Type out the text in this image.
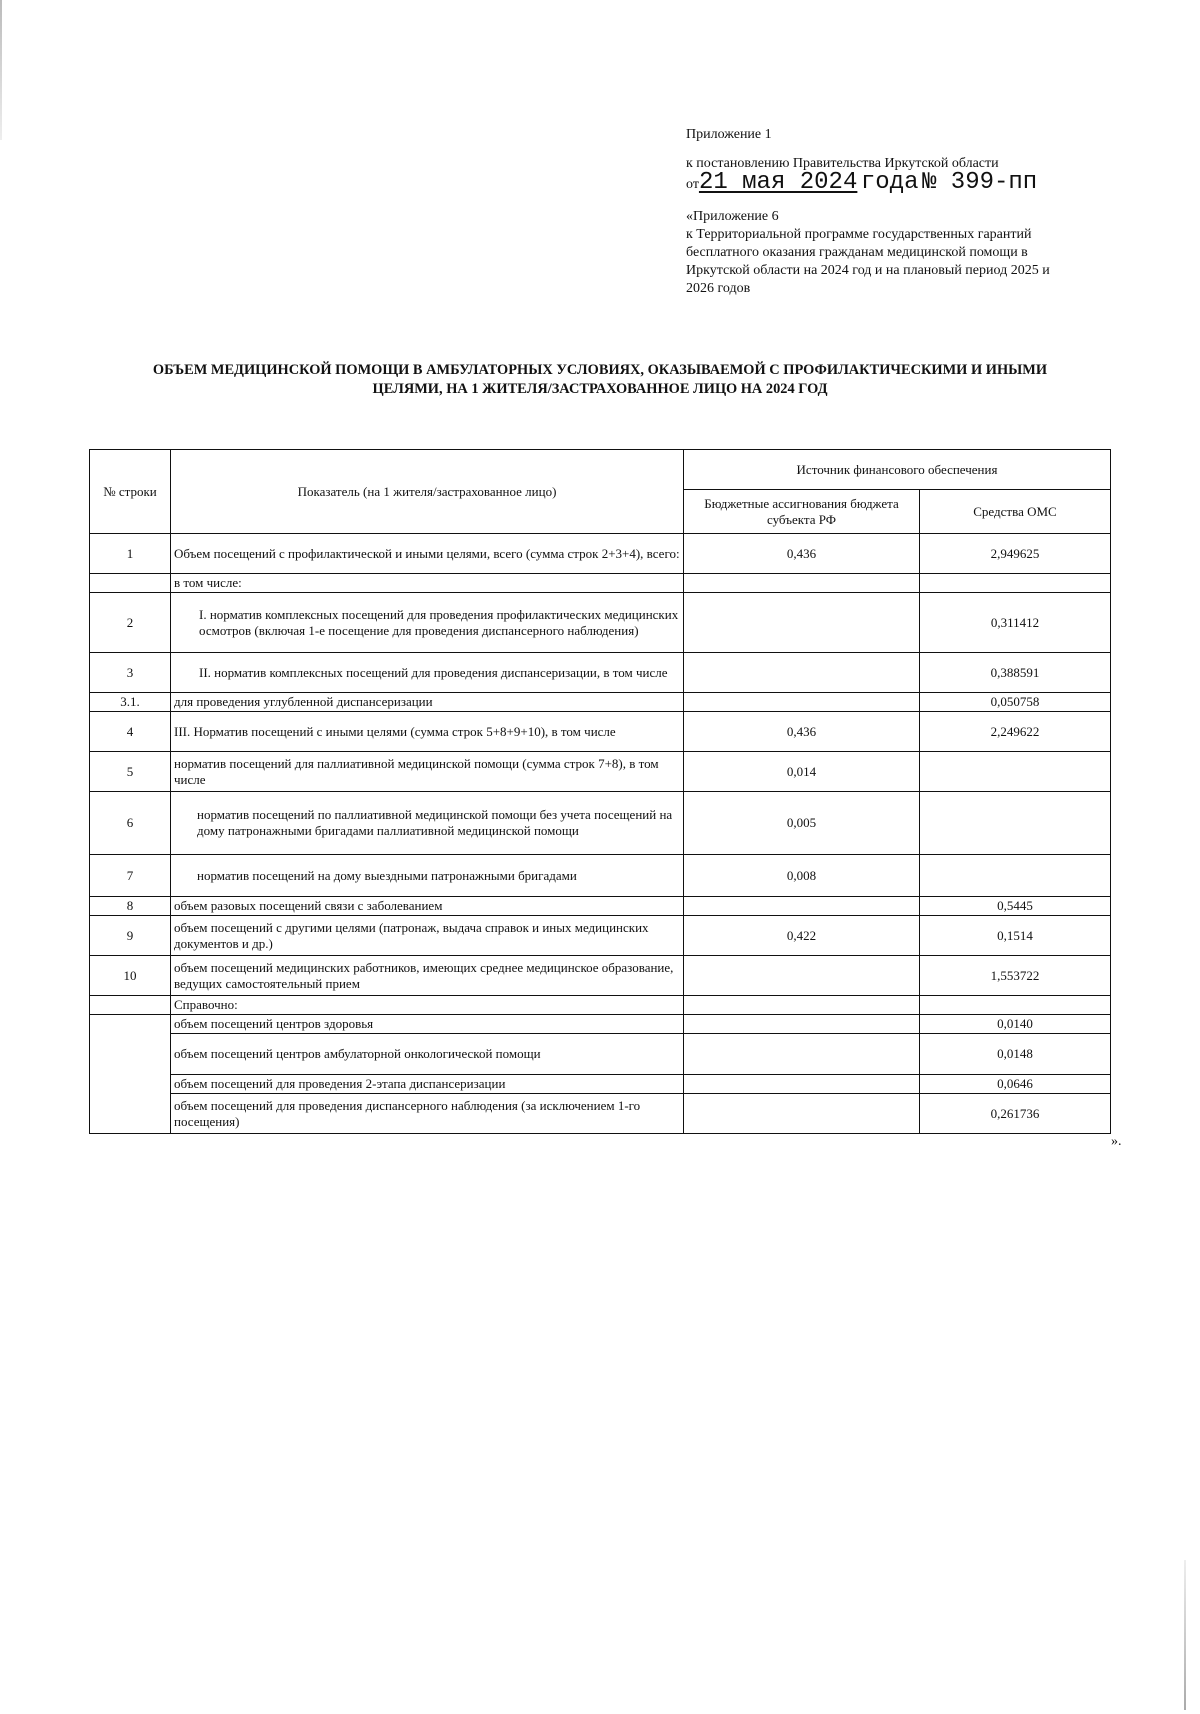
Приложение 1
к постановлению Правительства Иркутской области
от21 мая 2024 года № 399-пп
«Приложение 6
к Территориальной программе государственных гарантий
бесплатного оказания гражданам медицинской помощи в
Иркутской области на 2024 год и на плановый период 2025 и
2026 годов
ОБЪЕМ МЕДИЦИНСКОЙ ПОМОЩИ В АМБУЛАТОРНЫХ УСЛОВИЯХ, ОКАЗЫВАЕМОЙ С ПРОФИЛАКТИЧЕСКИМИ И ИНЫМИ
ЦЕЛЯМИ, НА 1 ЖИТЕЛЯ/ЗАСТРАХОВАННОЕ ЛИЦО НА 2024 ГОД
№ строки	Показатель (на 1 жителя/застрахованное лицо)	Источник финансового обеспечения	
		Бюджетные ассигнования бюджета субъекта РФ	Средства ОМС
1	Объем посещений с профилактической и иными целями, всего (сумма строк 2+3+4), всего:	0,436	2,949625
	в том числе:		
2	I. норматив комплексных посещений для проведения профилактических медицинских осмотров (включая 1-е посещение для проведения диспансерного наблюдения)		0,311412
3	II. норматив комплексных посещений для проведения диспансеризации, в том числе		0,388591
3.1.	для проведения углубленной диспансеризации		0,050758
4	III. Норматив посещений с иными целями (сумма строк 5+8+9+10), в том числе	0,436	2,249622
5	норматив посещений для паллиативной медицинской помощи (сумма строк 7+8), в том числе	0,014	
6	норматив посещений по паллиативной медицинской помощи без учета посещений на дому патронажными бригадами паллиативной медицинской помощи	0,005	
7	норматив посещений на дому выездными патронажными бригадами	0,008	
8	объем разовых посещений связи с заболеванием		0,5445
9	объем посещений с другими целями (патронаж, выдача справок и иных медицинских документов и др.)	0,422	0,1514
10	объем посещений медицинских работников, имеющих среднее медицинское образование, ведущих самостоятельный прием		1,553722
	Справочно:		
	объем посещений центров здоровья		0,0140
	объем посещений центров амбулаторной онкологической помощи		0,0148
	объем посещений для проведения 2-этапа диспансеризации		0,0646
	объем посещений для проведения диспансерного наблюдения (за исключением 1-го посещения)		0,261736
».
